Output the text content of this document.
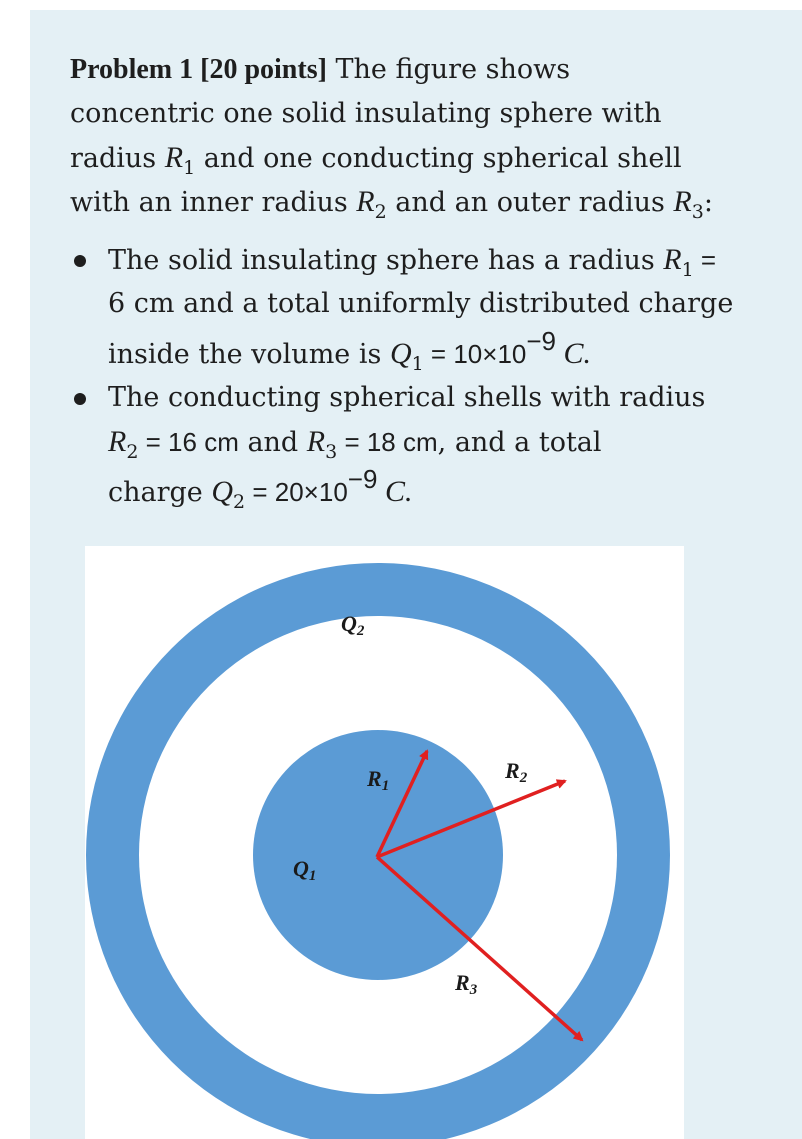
Problem 1 [20 points] The figure shows
concentric one solid insulating sphere with
radius $R_1$ and one conducting spherical shell
with an inner radius $R_2$ and an outer radius $R_3$:
The solid insulating sphere has a radius $R_1$ =
6 cm and a total uniformly distributed charge
inside the volume is $Q_1 = 10\times 10-9$ C.
The conducting spherical shells with radius
$R_2 = 16$ cm and $R_3 = 18$ cm, and a total
charge $Q_2 = 20\times 10-9$ C.
Q2
Q1
R1
R2
R3
